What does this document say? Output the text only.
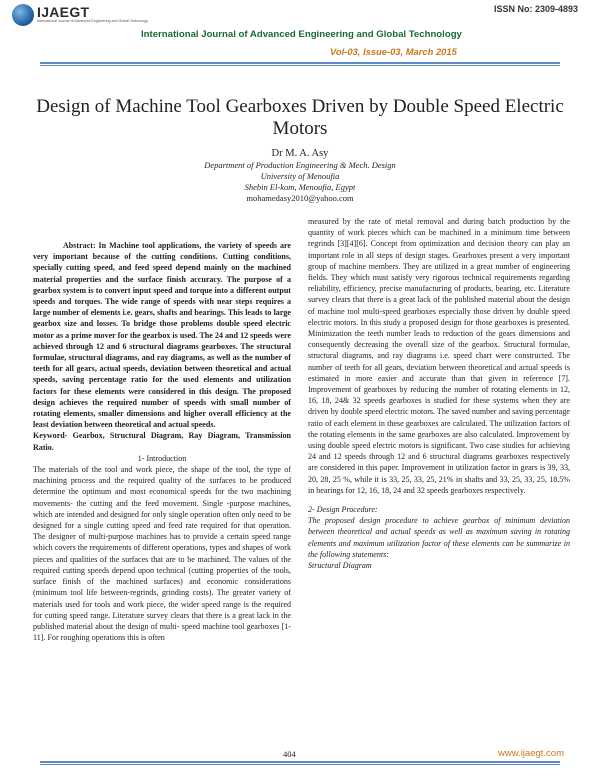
IJAEGT
International Journal of Advanced Engineering and Global Technology
ISSN No: 2309-4893
International Journal of Advanced Engineering and Global Technology
Vol-03, Issue-03, March 2015
Design of Machine Tool Gearboxes Driven by Double Speed Electric Motors
Dr M. A. Asy
Department of Production Engineering & Mech. Design
University of Menoufia
Shebin El-kom, Menoufia, Egypt
mohamedasy2010@yahoo.com

Abstract: In Machine tool applications, the variety of speeds are very important because of the cutting conditions. Cutting conditions, specially cutting speed, and feed speed depend mainly on the machined material properties and the surface finish accuracy. The purpose of a gearbox system is to convert input speed and torque into a different output speeds and torques. The wide range of speeds with near steps requires a large number of elements i.e. gears, shafts and bearings. This leads to large gearbox size and losses. To bridge those problems double speed electric motor as a prime mover for the gearbox is used. The 24 and 12 speeds were achieved through 12 and 6 structural diagrams gearboxes. The structural formulae, structural diagrams, and ray diagrams, as well as the number of teeth for all gears, actual speeds, deviation between theoretical and actual speeds, saving percentage ratio for the used elements and utilization factors for these elements were considered in this design. The proposed design achieves the required number of speeds with small number of rotating elements, smaller dimensions and higher overall efficiency at the least deviation between theoretical and actual speeds.

Keyword- Gearbox, Structural Diagram, Ray Diagram, Transmission Ratio.

1- Introduction

The materials of the tool and work piece, the shape of the tool, the type of machining process and the required quality of the surfaces to be produced determine the optimum and most economical speeds for the two machining movements- the cutting and the feed movement. Single -purpose machines, which are intended and designed for only single operation often only need to be designed for a single cutting speed and feed rate required for that operation. The designer of multi-purpose machines has to provide a certain speed range which covers the requirements of different operations, types and shapes of work pieces and qualities of the surfaces that are to be machined. The values of the required cutting speeds depend upon technical (cutting properties of the tools, surface finish of the machined surfaces) and economic considerations (minimum tool life between-regrinds, grinding costs). The greater variety of materials used for tools and work piece, the wider speed range is the required for cutting speed range. Literature survey clears that there is a great lack in the published material about the design of multi- speed machine tool gearboxes [1-11]. For roughing operations this is often

measured by the rate of metal removal and during batch production by the quantity of work pieces which can be machined in a minimum time between regrinds [3][4][6]. Concept from optimization and decision theory can play an important role in all steps of design stages. Gearboxes present a very important group of machine members. They are utilized in a great number of engineering fields. They which must satisfy very rigorous technical requirements regarding reliability, efficiency, precise manufacturing of products, bearing, etc. Literature survey clears that there is a great lack of the published material about the design of machine tool multi-speed gearboxes especially those driven by double speed electric motors. In this study a proposed design for those gearboxes is presented. Minimization the teeth number leads to reduction of the gears dimensions and consequently decreasing the overall size of the gearbox. Structural formulae, structural diagrams, and ray diagrams i.e. speed chart were constructed. The number of teeth for all gears, deviation between theoretical and actual speeds is estimated in more easier and accurate than that given in reference [7]. Improvement of gearboxes by reducing the number of rotating elements in 12, 16, 18, 24& 32 speeds gearboxes is studied for these systems when they are driven by double speed electric motors. The saved number and saving percentage ratio of each element in these gearboxes are calculated. The utilization factors of the rotating elements in the same gearboxes are also calculated. Improvement by using double speed electric motors is significant. Two case studies for achieving 24 and 12 speeds through 12 and 6 structural diagrams gearboxes respectively are considered in this paper. Improvement in utilization factor in gears is 39, 33, 20, 28, 25 %, while it is 33, 25, 33, 25, 21% in shafts and 33, 25, 33, 25, 18.5% in bearings for 12, 16, 18, 24 and 32 speeds gearboxes respectively.

2- Design Procedure:

The proposed design procedure to achieve gearbox of minimum deviation between theoretical and actual speeds as well as maximum saving in rotating elements and maximum utilization factor of these elements can be summarize in the following statements:

Structural Diagram

404	www.ijaegt.com
